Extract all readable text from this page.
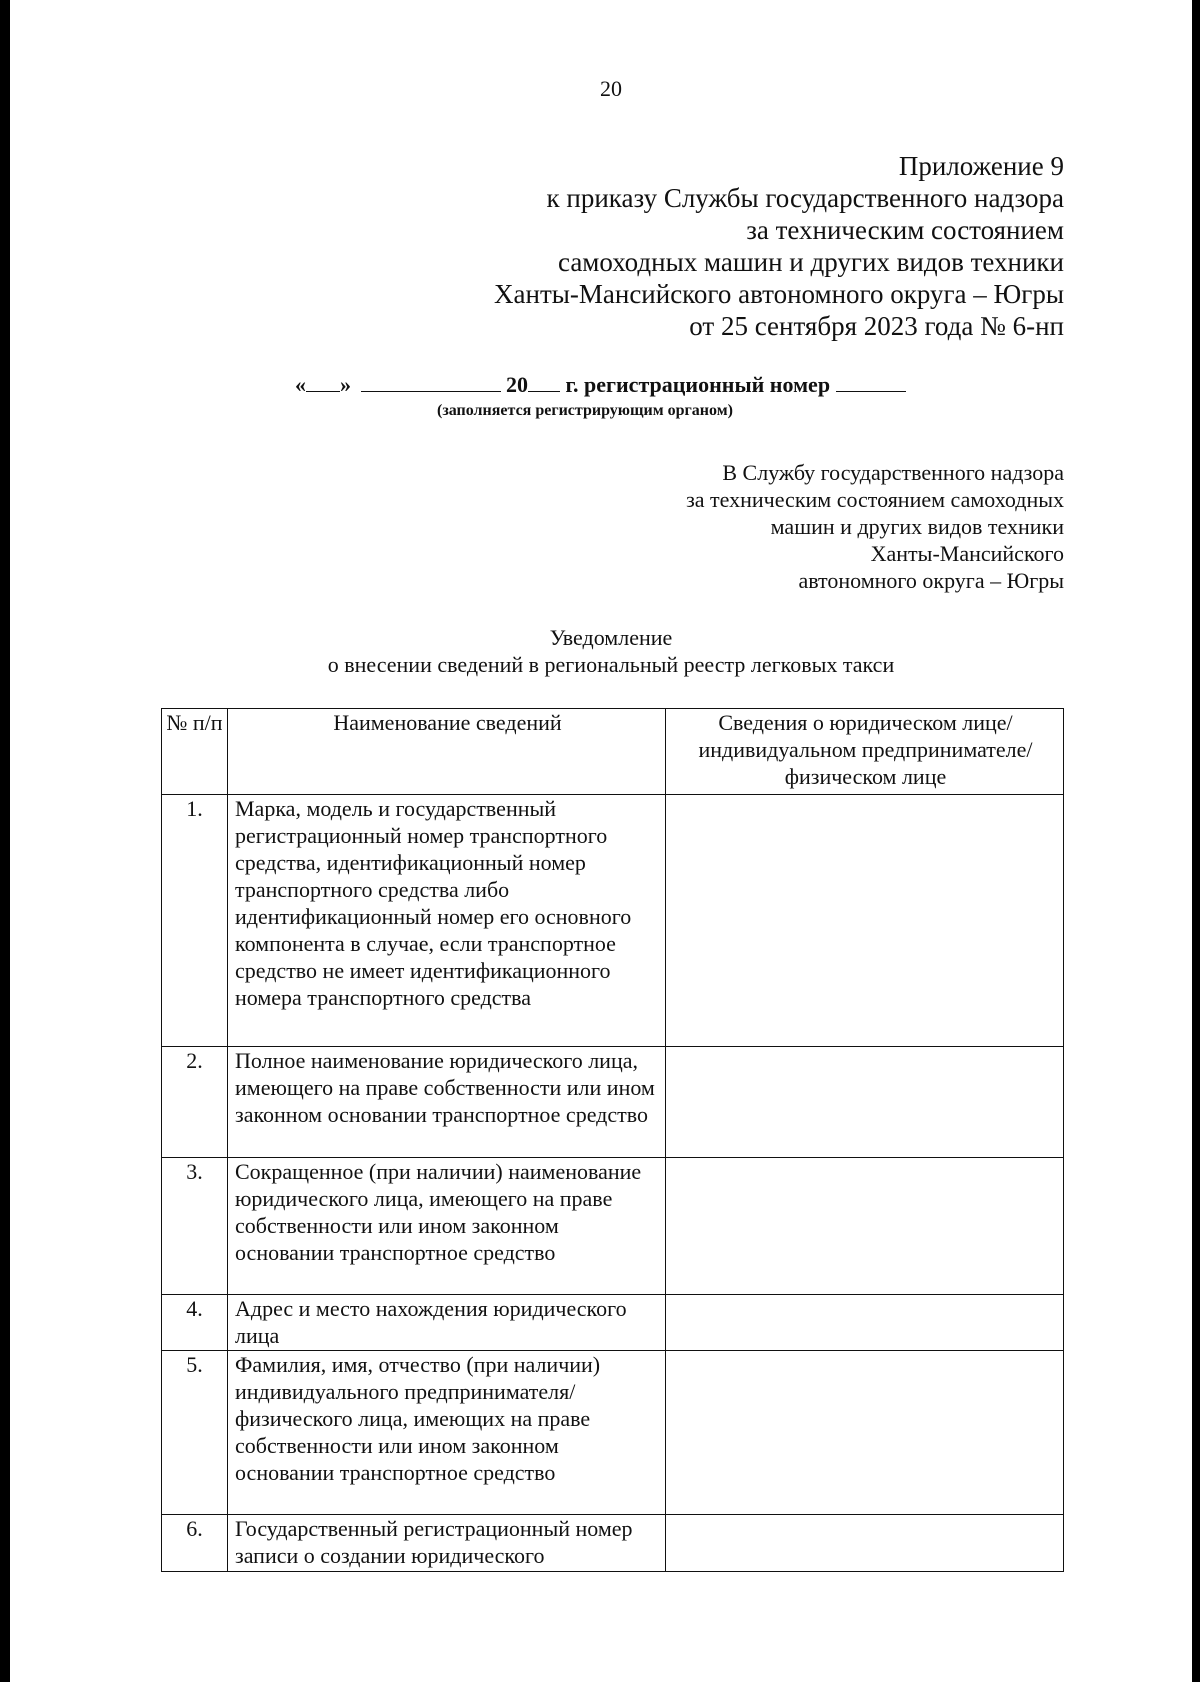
20
Приложение 9
к приказу Службы государственного надзора
за техническим состоянием
самоходных машин и других видов техники
Ханты-Мансийского автономного округа – Югры
от 25 сентября 2023 года № 6-нп
« »	20 г. регистрационный номер
(заполняется регистрирующим органом)
В Службу государственного надзора
за техническим состоянием самоходных
машин и других видов техники
Ханты-Мансийского
автономного округа – Югры
Уведомление
о внесении сведений в региональный реестр легковых такси
№ п/п	Наименование сведений	Сведения о юридическом лице/ индивидуальном предпринимателе/ физическом лице
1.	Марка, модель и государственный регистрационный номер транспортного средства, идентификационный номер транспортного средства либо идентификационный номер его основного компонента в случае, если транспортное средство не имеет идентификационного номера транспортного средства	
2.	Полное наименование юридического лица, имеющего на праве собственности или ином законном основании транспортное средство	
3.	Сокращенное (при наличии) наименование юридического лица, имеющего на праве собственности или ином законном основании транспортное средство	
4.	Адрес и место нахождения юридического лица	
5.	Фамилия, имя, отчество (при наличии) индивидуального предпринимателя/физического лица, имеющих на праве собственности или ином законном основании транспортное средство	
6.	Государственный регистрационный номер записи о создании юридического	
